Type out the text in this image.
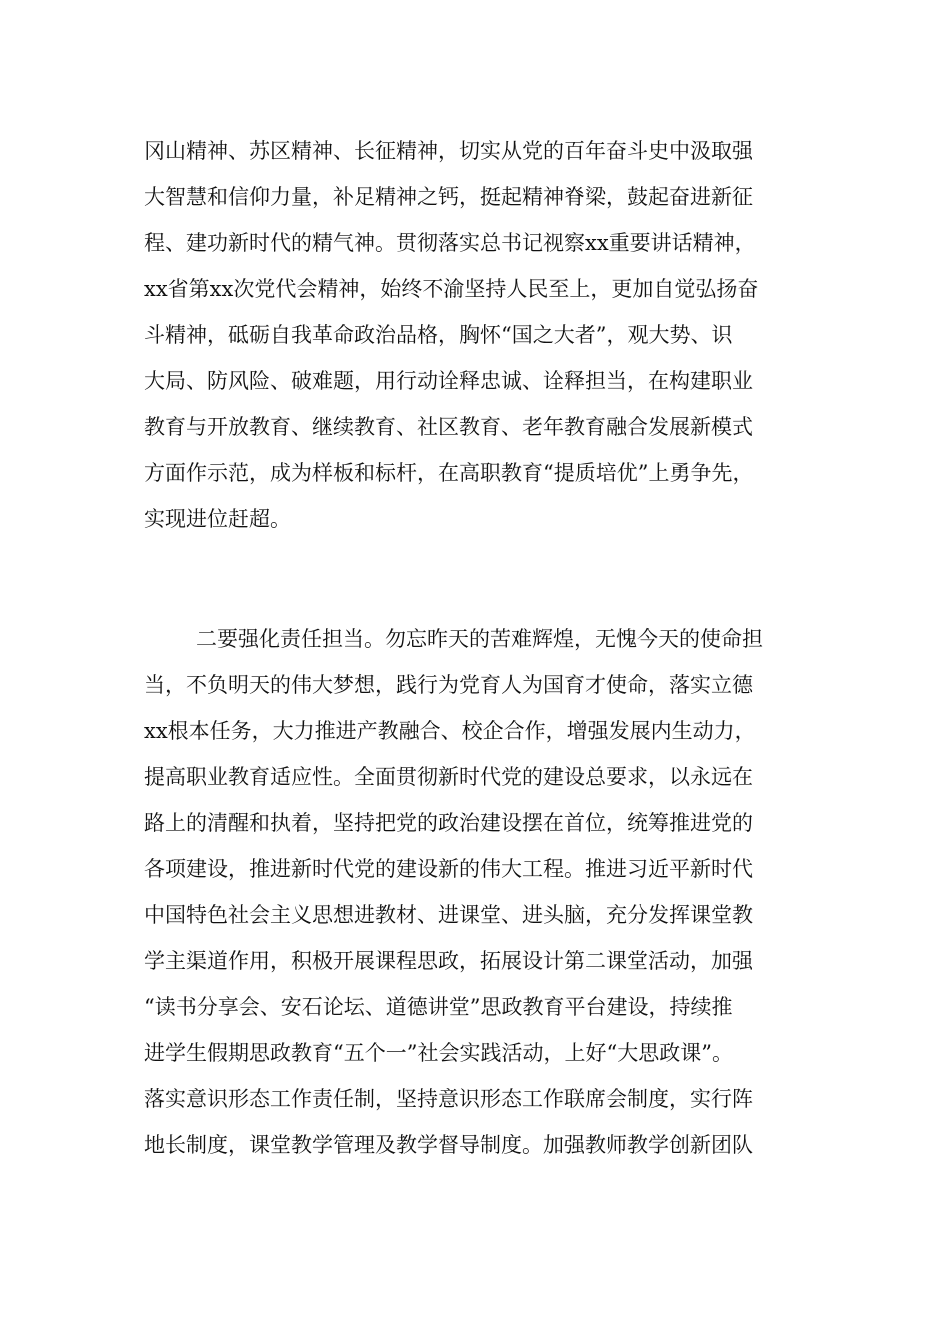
冈山精神、苏区精神、长征精神，切实从党的百年奋斗史中汲取强
大智慧和信仰力量，补足精神之钙，挺起精神脊梁，鼓起奋进新征
程、建功新时代的精气神。贯彻落实总书记视察xx重要讲话精神，
xx省第xx次党代会精神，始终不渝坚持人民至上，更加自觉弘扬奋
斗精神，砥砺自我革命政治品格，胸怀“国之大者”，观大势、识
大局、防风险、破难题，用行动诠释忠诚、诠释担当，在构建职业
教育与开放教育、继续教育、社区教育、老年教育融合发展新模式
方面作示范，成为样板和标杆，在高职教育“提质培优”上勇争先，
实现进位赶超。
二要强化责任担当。勿忘昨天的苦难辉煌，无愧今天的使命担
当，不负明天的伟大梦想，践行为党育人为国育才使命，落实立德
xx根本任务，大力推进产教融合、校企合作，增强发展内生动力，
提高职业教育适应性。全面贯彻新时代党的建设总要求，以永远在
路上的清醒和执着，坚持把党的政治建设摆在首位，统筹推进党的
各项建设，推进新时代党的建设新的伟大工程。推进习近平新时代
中国特色社会主义思想进教材、进课堂、进头脑，充分发挥课堂教
学主渠道作用，积极开展课程思政，拓展设计第二课堂活动，加强
“读书分享会、安石论坛、道德讲堂”思政教育平台建设，持续推
进学生假期思政教育“五个一”社会实践活动，上好“大思政课”。
落实意识形态工作责任制，坚持意识形态工作联席会制度，实行阵
地长制度，课堂教学管理及教学督导制度。加强教师教学创新团队
